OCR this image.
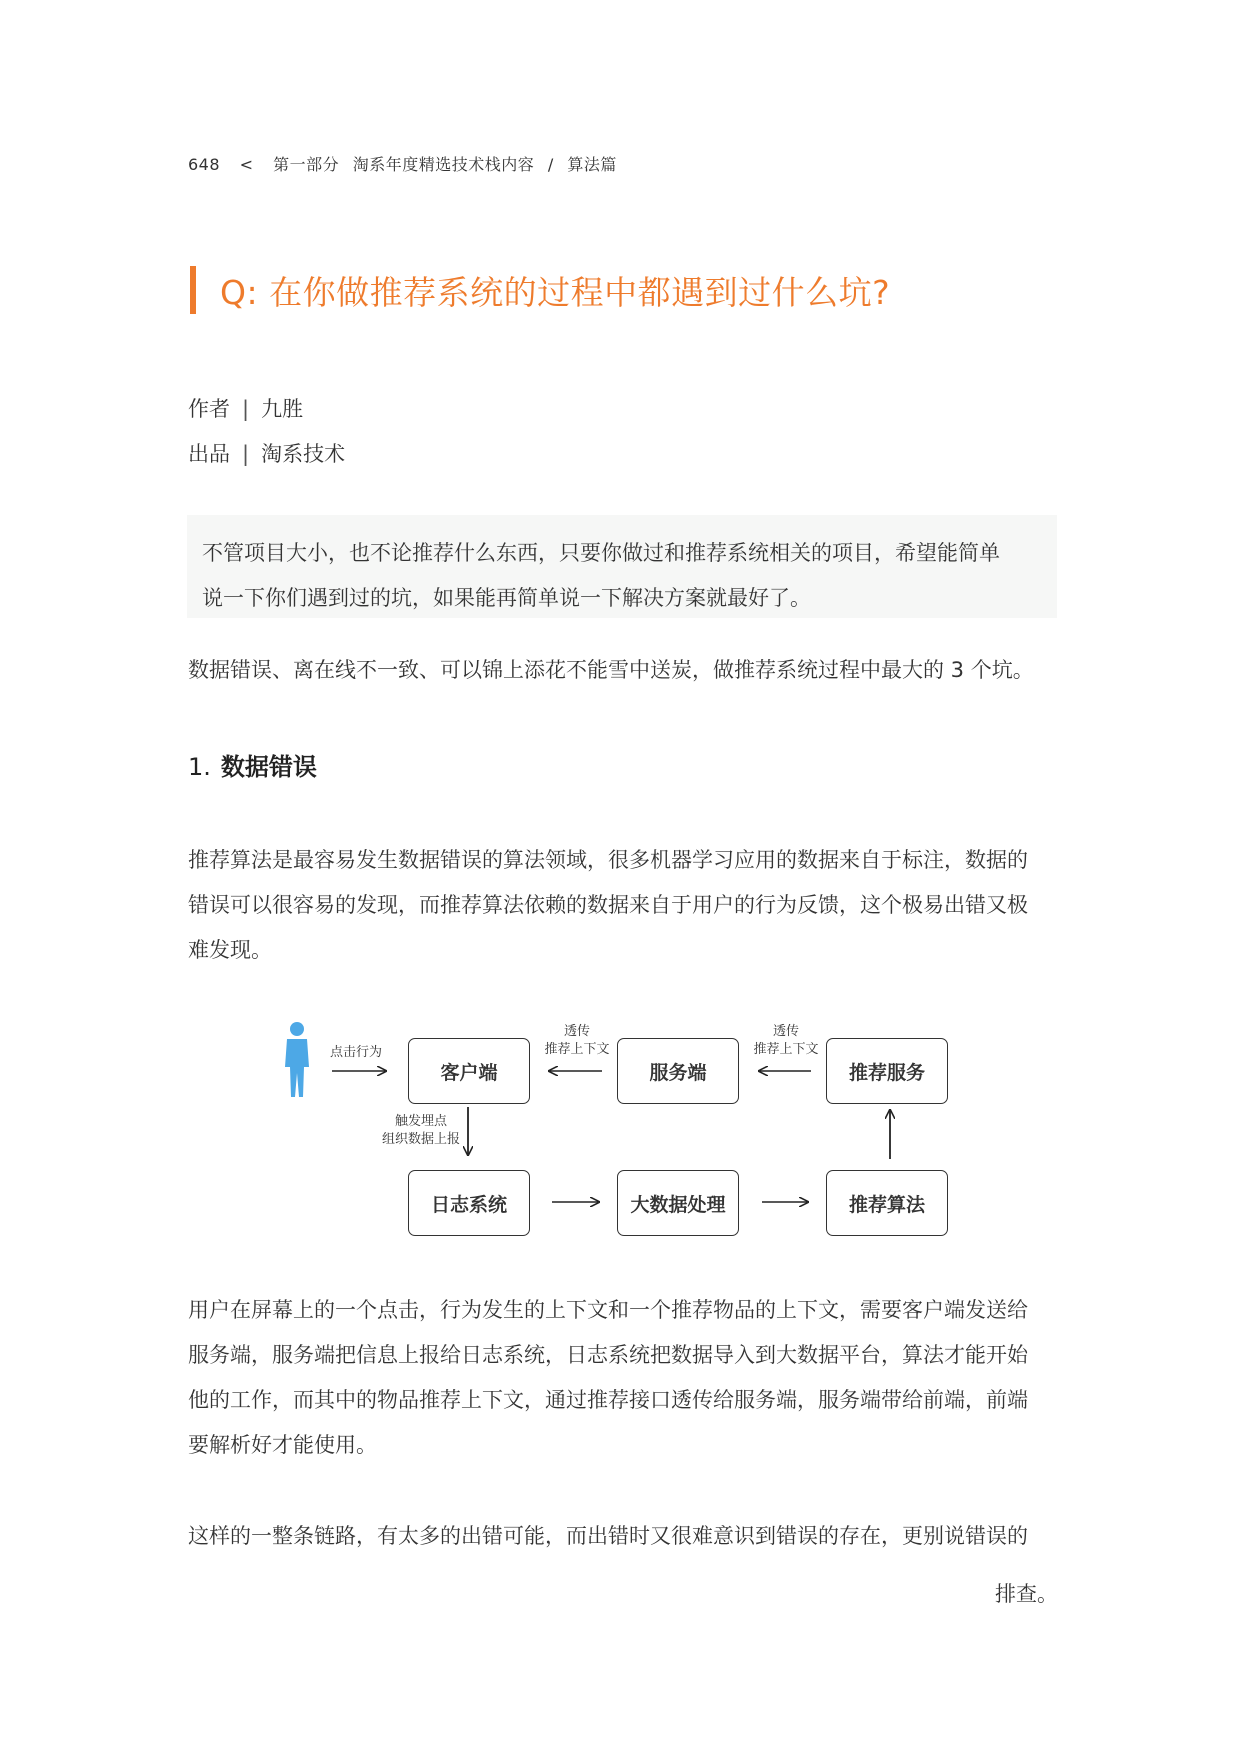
648 < 第一部分 淘系年度精选技术栈内容 / 算法篇
Q: 在你做推荐系统的过程中都遇到过什么坑?
作者 | 九胜
出品 | 淘系技术

不管项目大小，也不论推荐什么东西，只要你做过和推荐系统相关的项目，希望能简单

说一下你们遇到过的坑，如果能再简单说一下解决方案就最好了。

数据错误、离在线不一致、可以锦上添花不能雪中送炭，做推荐系统过程中最大的 3 个坑。

1. 数据错误

推荐算法是最容易发生数据错误的算法领域，很多机器学习应用的数据来自于标注，数据的

错误可以很容易的发现，而推荐算法依赖的数据来自于用户的行为反馈，这个极易出错又极

难发现。

客户端	服务端	推荐服务
日志系统	大数据处理	推荐算法
点击行为
透传
推荐上下文
透传
推荐上下文
触发埋点
组织数据上报

用户在屏幕上的一个点击，行为发生的上下文和一个推荐物品的上下文，需要客户端发送给

服务端，服务端把信息上报给日志系统，日志系统把数据导入到大数据平台，算法才能开始

他的工作，而其中的物品推荐上下文，通过推荐接口透传给服务端，服务端带给前端，前端

要解析好才能使用。

这样的一整条链路，有太多的出错可能，而出错时又很难意识到错误的存在，更别说错误的

排查。
